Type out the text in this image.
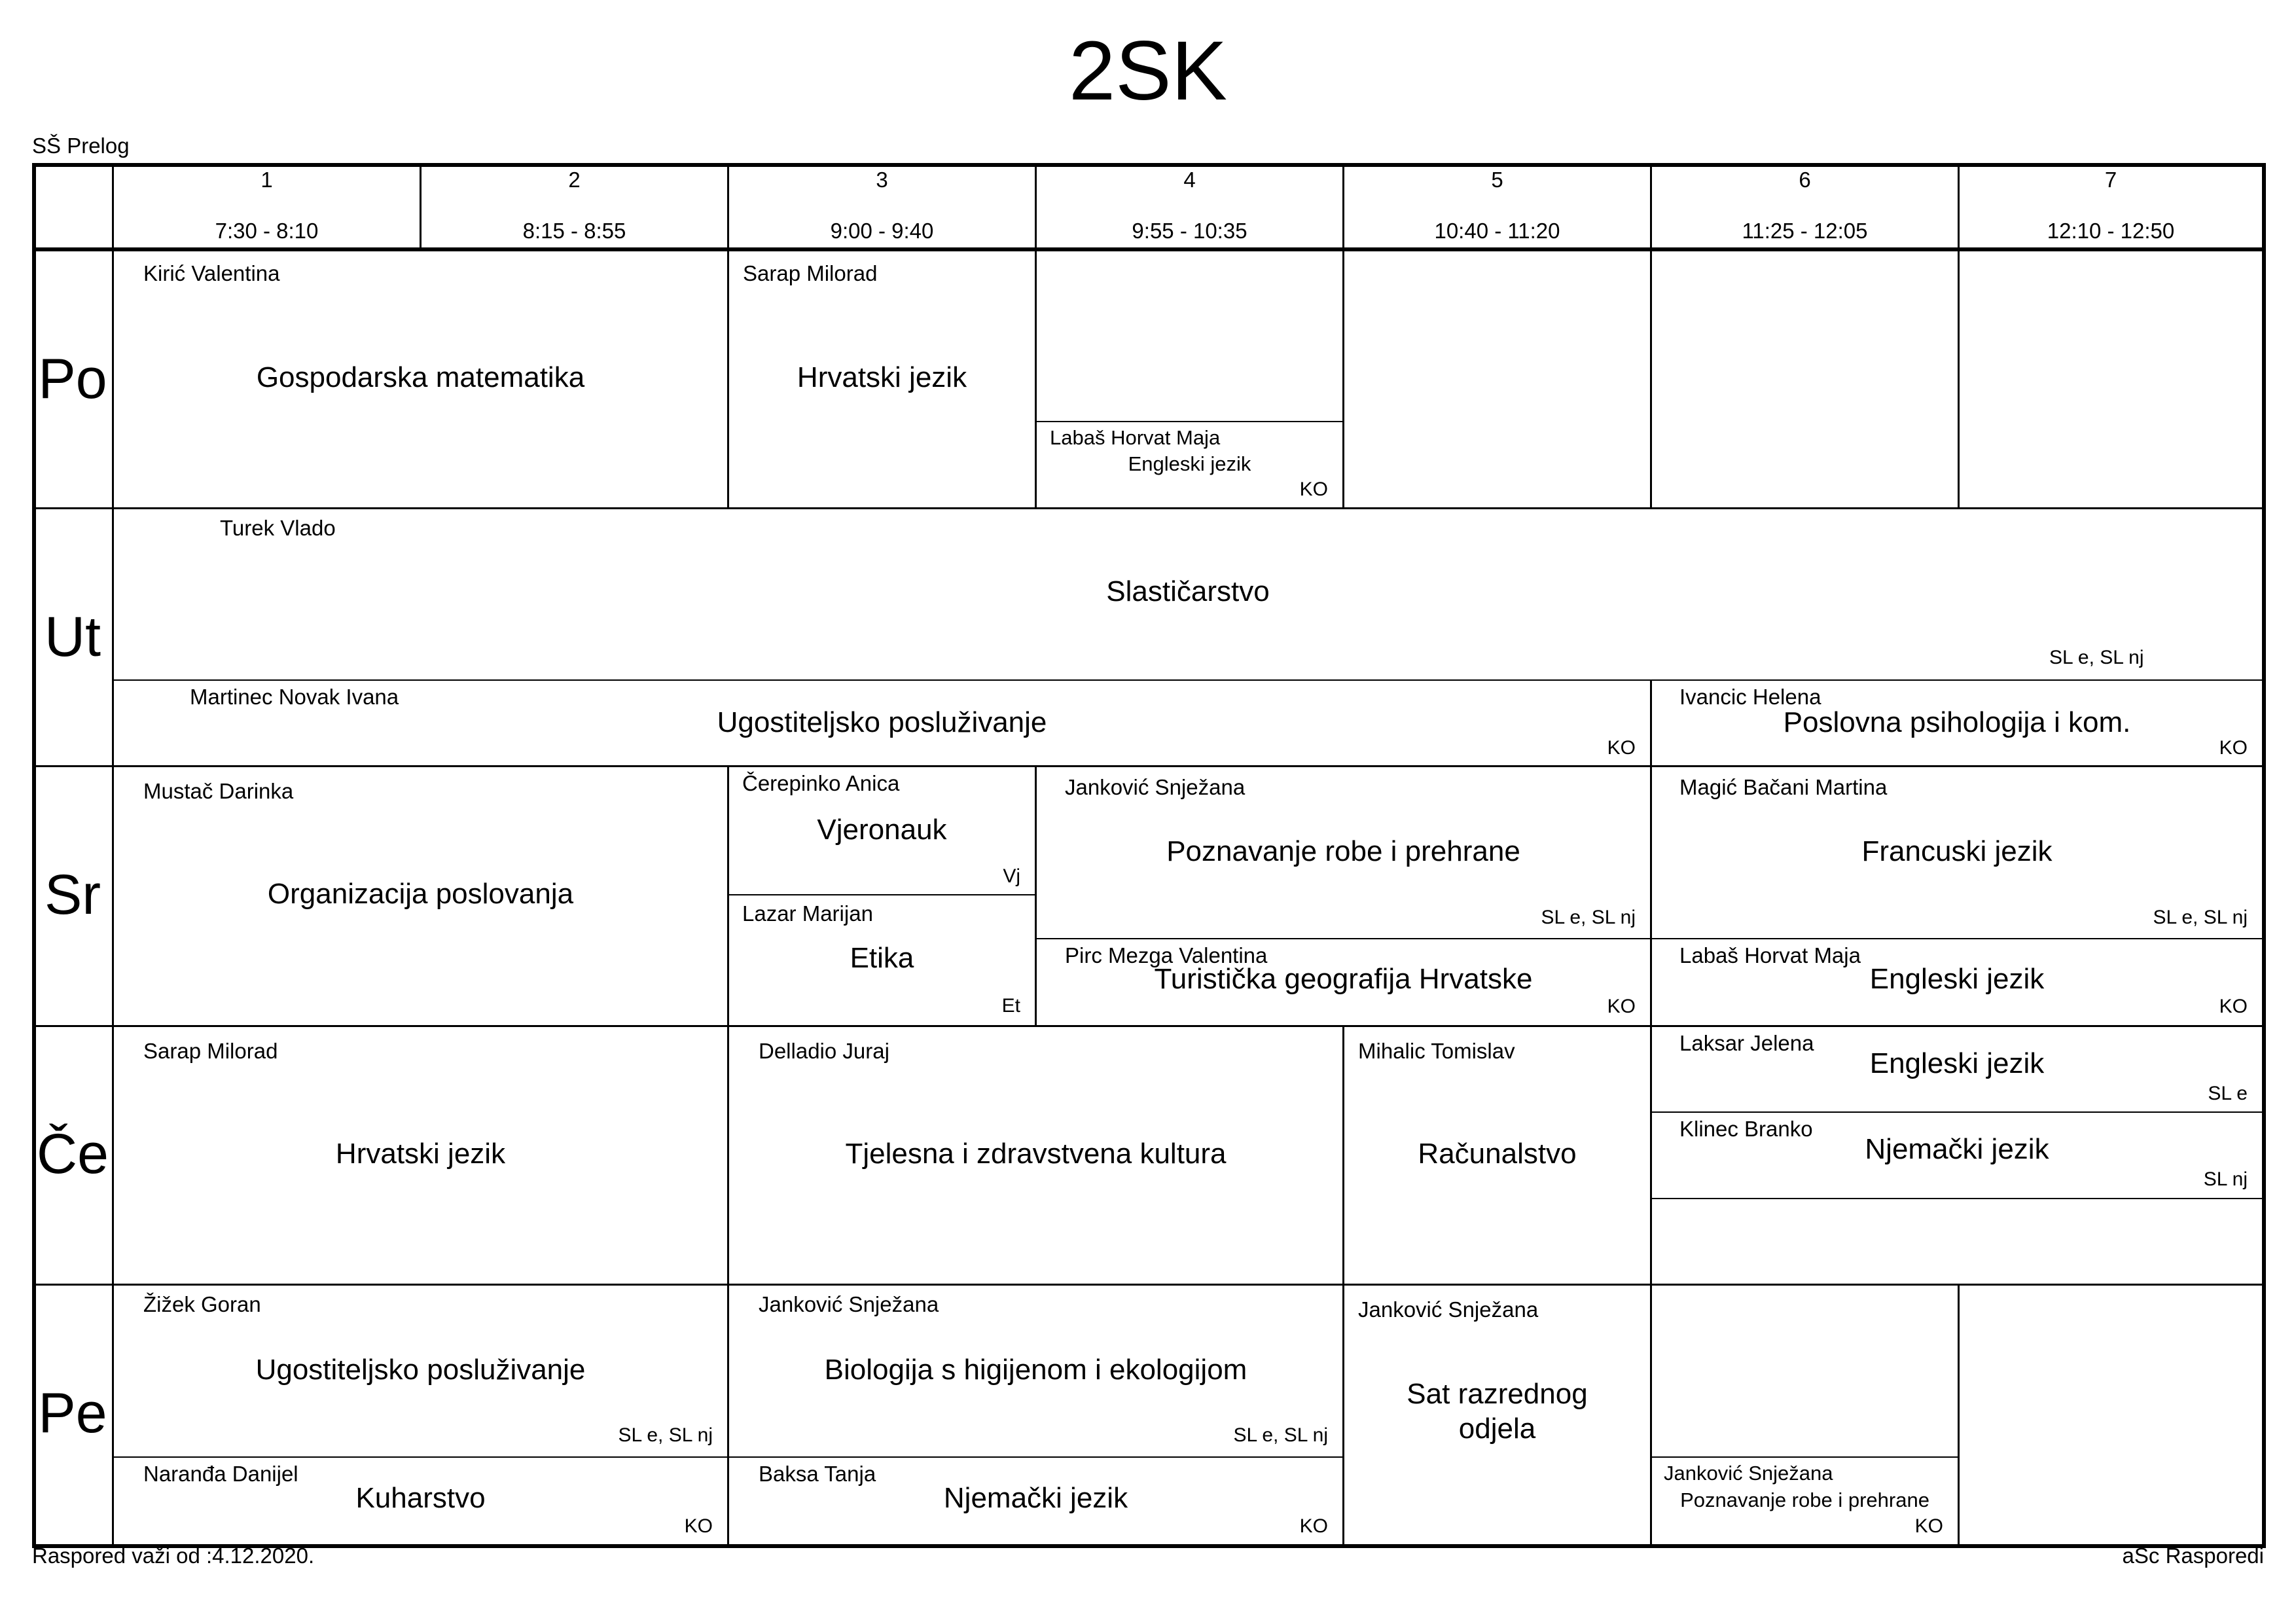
2SK
SŠ Prelog
1
7:30 - 8:10
2
8:15 - 8:55
3
9:00 - 9:40
4
9:55 - 10:35
5
10:40 - 11:20
6
11:25 - 12:05
7
12:10 - 12:50
Po
Ut
Sr
Če
Pe
Kirić Valentina
Gospodarska matematika
Sarap Milorad
Hrvatski jezik
Labaš Horvat Maja
Engleski jezik
KO
Turek Vlado
Slastičarstvo
SL e, SL nj
Martinec Novak Ivana
Ugostiteljsko posluživanje
KO
Ivancic Helena
Poslovna psihologija i kom.
KO
Mustač Darinka
Organizacija poslovanja
Čerepinko Anica
Vjeronauk
Vj
Lazar Marijan
Etika
Et
Janković Snježana
Poznavanje robe i prehrane
SL e, SL nj
Pirc Mezga Valentina
Turistička geografija Hrvatske
KO
Magić Bačani Martina
Francuski jezik
SL e, SL nj
Labaš Horvat Maja
Engleski jezik
KO
Sarap Milorad
Hrvatski jezik
Delladio Juraj
Tjelesna i zdravstvena kultura
Mihalic Tomislav
Računalstvo
Laksar Jelena
Engleski jezik
SL e
Klinec Branko
Njemački jezik
SL nj
Žižek Goran
Ugostiteljsko posluživanje
SL e, SL nj
Naranđa Danijel
Kuharstvo
KO
Janković Snježana
Biologija s higijenom i ekologijom
SL e, SL nj
Baksa Tanja
Njemački jezik
KO
Janković Snježana
Sat razrednog
odjela
Janković Snježana
Poznavanje robe i prehrane
KO
Raspored važi od :4.12.2020.	aSc Rasporedi
